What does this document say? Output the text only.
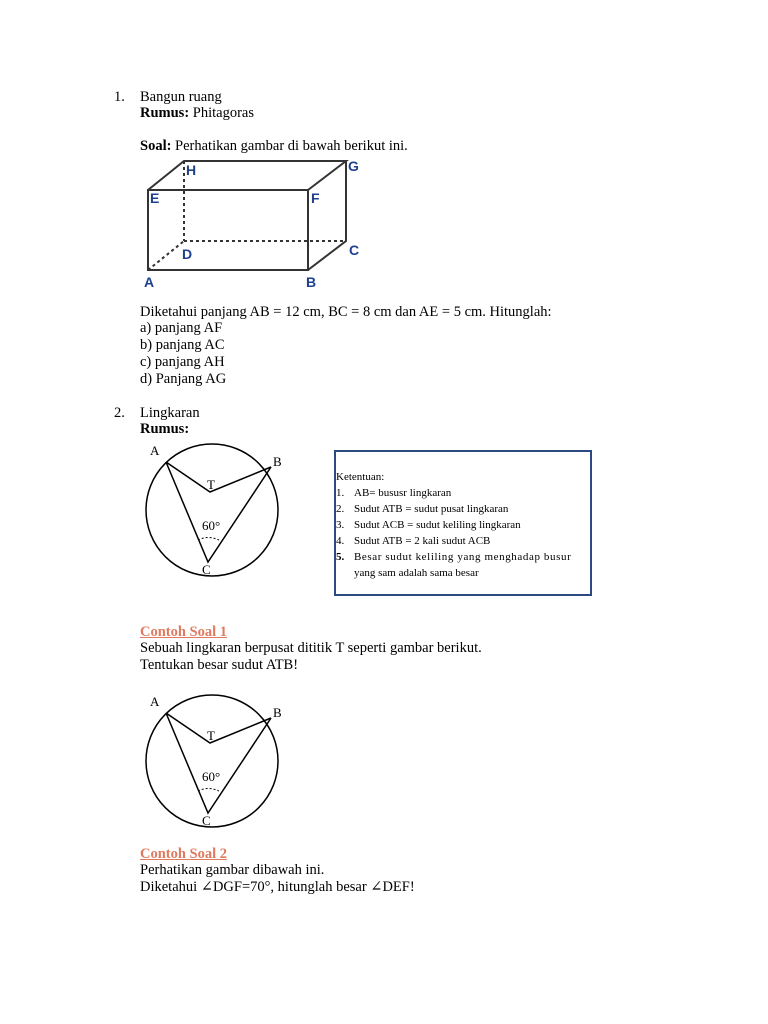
1. Bangun ruang
Rumus: Phitagoras
Soal: Perhatikan gambar di bawah berikut ini.
A	B
C
D
E	F
G
H
Diketahui panjang AB = 12 cm, BC = 8 cm dan AE = 5 cm. Hitunglah:
a) panjang AF
b) panjang AC
c) panjang AH
d) Panjang AG
2. Lingkaran
Rumus:
A
B
T
60°
C
Ketentuan:
1. AB= bususr lingkaran
2. Sudut ATB = sudut pusat lingkaran
3. Sudut ACB = sudut keliling lingkaran
4. Sudut ATB = 2 kali sudut ACB
5. Besar sudut keliling yang menghadap busur
yang sam adalah sama besar
Contoh Soal 1
Sebuah lingkaran berpusat dititik T seperti gambar berikut.
Tentukan besar sudut ATB!
A
B
T
60°
C
Contoh Soal 2
Perhatikan gambar dibawah ini.
Diketahui ∠DGF=70°, hitunglah besar ∠DEF!
